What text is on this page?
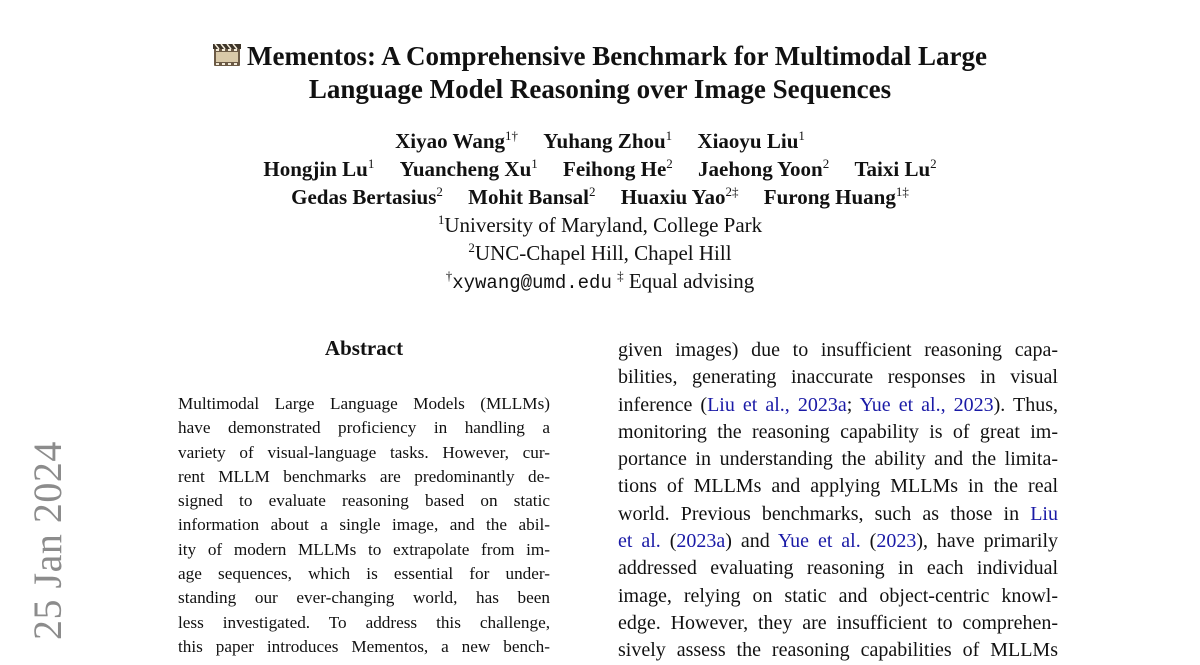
25 Jan 2024
Mementos: A Comprehensive Benchmark for Multimodal Large
Language Model Reasoning over Image Sequences
Xiyao Wang$^{1\dagger}$ Yuhang Zhou$^1$ Xiaoyu Liu$^1$
Hongjin Lu$^1$ Yuancheng Xu$^1$ Feihong He$^2$ Jaehong Yoon$^2$ Taixi Lu$^2$
Gedas Bertasius$^2$ Mohit Bansal$^2$ Huaxiu Yao$^{2\ddagger}$ Furong Huang$^{1\ddagger}$
$^1$University of Maryland, College Park
$^2$UNC-Chapel Hill, Chapel Hill
†xywang@umd.edu ‡ Equal advising
Abstract
Multimodal Large Language Models (MLLMs)
have demonstrated proficiency in handling a
variety of visual-language tasks. However, cur-
rent MLLM benchmarks are predominantly de-
signed to evaluate reasoning based on static
information about a single image, and the abil-
ity of modern MLLMs to extrapolate from im-
age sequences, which is essential for under-
standing our ever-changing world, has been
less investigated. To address this challenge,
this paper introduces Mementos, a new bench-
given images) due to insufficient reasoning capa-
bilities, generating inaccurate responses in visual
inference (Liu et al., 2023a; Yue et al., 2023). Thus,
monitoring the reasoning capability is of great im-
portance in understanding the ability and the limita-
tions of MLLMs and applying MLLMs in the real
world. Previous benchmarks, such as those in Liu
et al. (2023a) and Yue et al. (2023), have primarily
addressed evaluating reasoning in each individual
image, relying on static and object-centric knowl-
edge. However, they are insufficient to comprehen-
sively assess the reasoning capabilities of MLLMs
